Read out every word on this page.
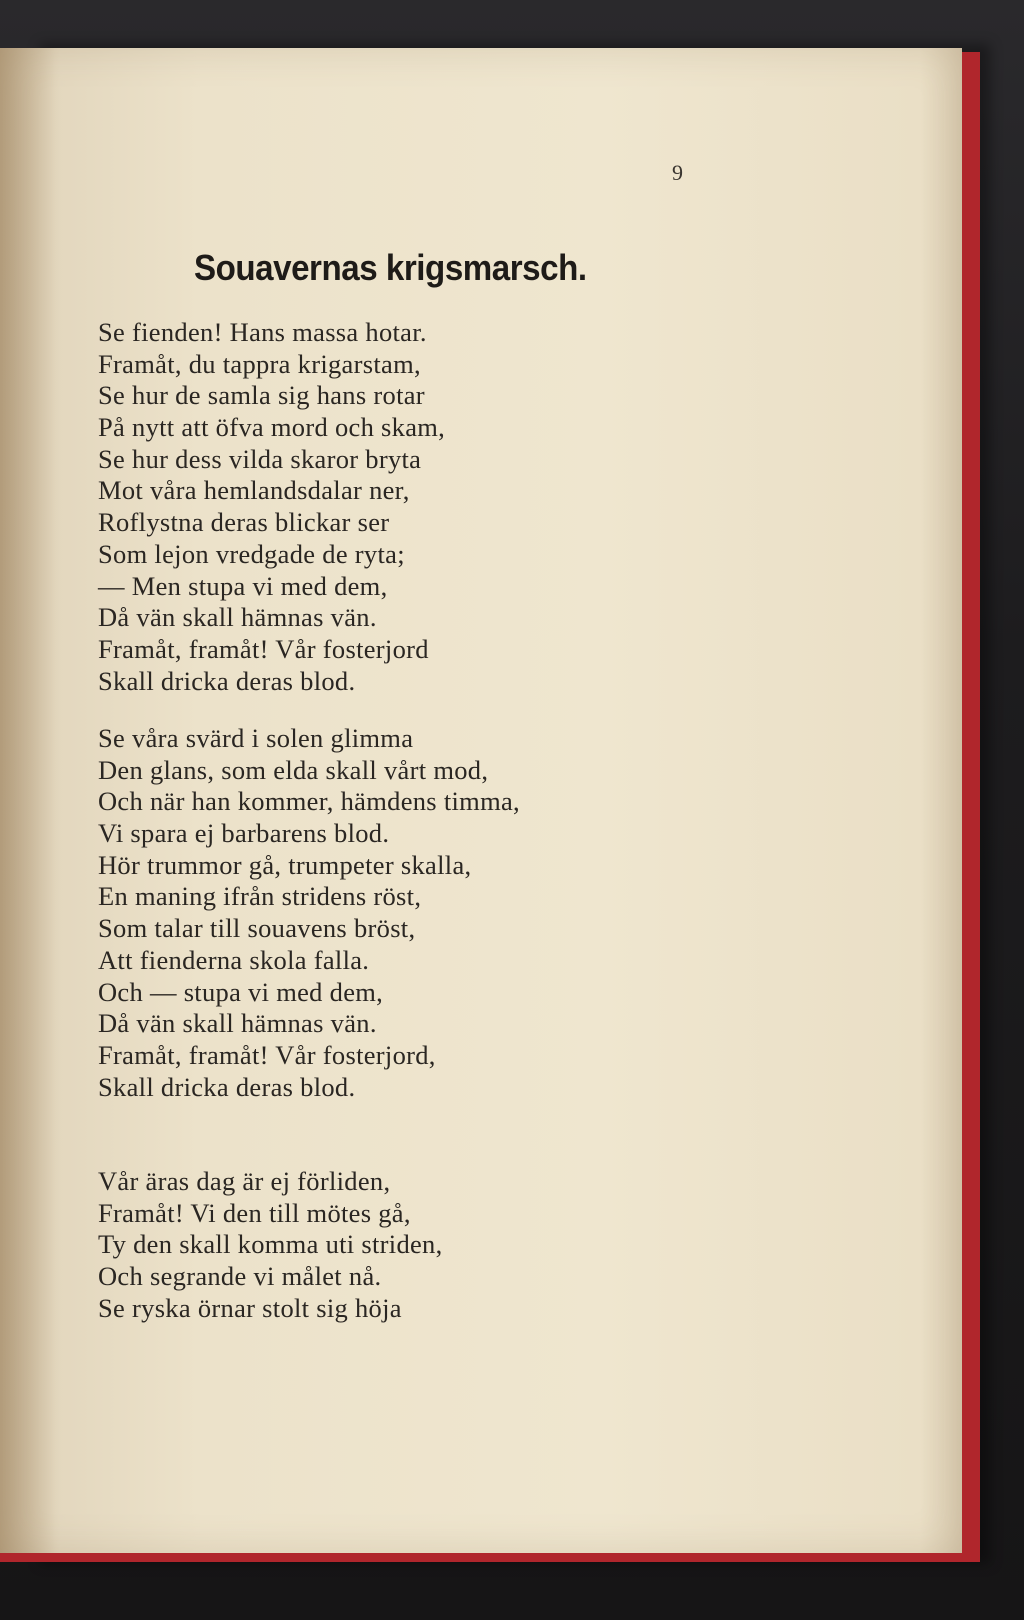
9

Souavernas krigsmarsch.
Se fienden! Hans massa hotar.
Framåt, du tappra krigarstam,
Se hur de samla sig hans rotar
På nytt att öfva mord och skam,
Se hur dess vilda skaror bryta
Mot våra hemlandsdalar ner,
Roflystna deras blickar ser
Som lejon vredgade de ryta;
— Men stupa vi med dem,
Då vän skall hämnas vän.
Framåt, framåt! Vår fosterjord
Skall dricka deras blod.
Se våra svärd i solen glimma
Den glans, som elda skall vårt mod,
Och när han kommer, hämdens timma,
Vi spara ej barbarens blod.
Hör trummor gå, trumpeter skalla,
En maning ifrån stridens röst,
Som talar till souavens bröst,
Att fienderna skola falla.
Och — stupa vi med dem,
Då vän skall hämnas vän.
Framåt, framåt! Vår fosterjord,
Skall dricka deras blod.
Vår äras dag är ej förliden,
Framåt! Vi den till mötes gå,
Ty den skall komma uti striden,
Och segrande vi målet nå.
Se ryska örnar stolt sig höja
